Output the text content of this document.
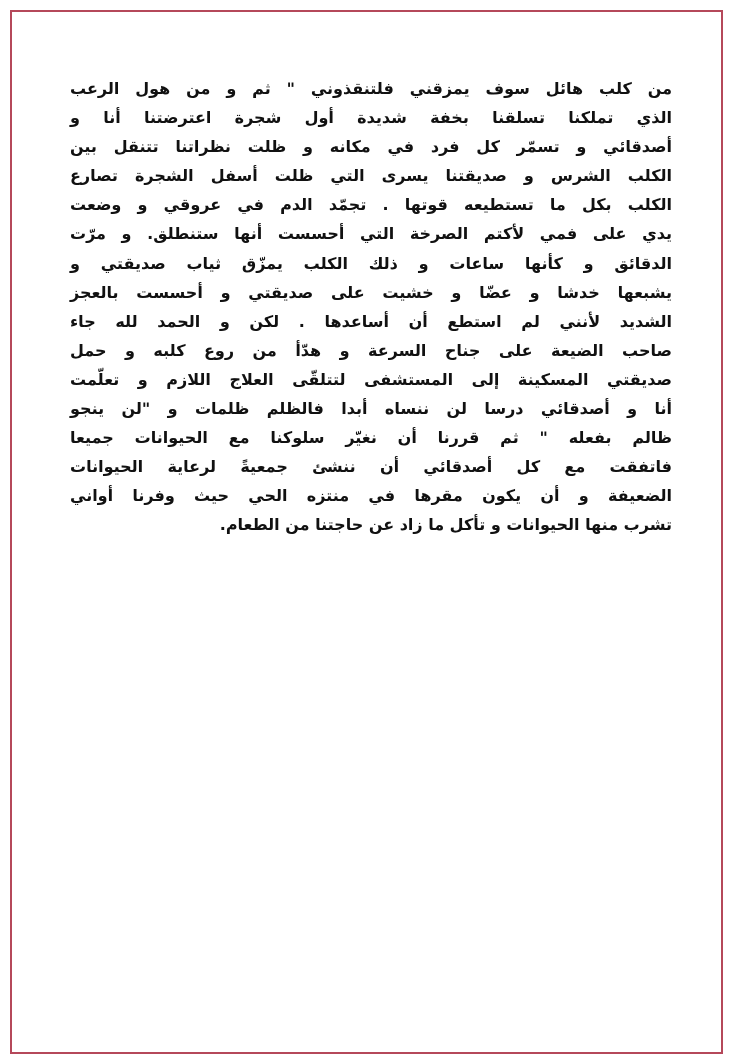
من كلب هائل سوف يمزقني فلتنقذوني " ثم و من هول الرعب
الذي تملكنا تسلقنا بخفة شديدة أول شجرة اعترضتنا أنا و
أصدقائي و تسمّر كل فرد في مكانه و ظلت نظراتنا تتنقل بين
الكلب الشرس و صديقتنا يسرى التي ظلت أسفل الشجرة تصارع
الكلب بكل ما تستطيعه قوتها . تجمّد الدم في عروقي و وضعت
يدي على فمي لأكتم الصرخة التي أحسست أنها ستنطلق. و مرّت
الدقائق و كأنها ساعات و ذلك الكلب يمزّق ثياب صديقتي و
يشبعها خدشا و عضّا و خشيت على صديقتي و أحسست بالعجز
الشديد لأنني لم استطع أن أساعدها . لكن و الحمد لله جاء
صاحب الضيعة على جناح السرعة و هدّأ من روع كلبه و حمل
صديقتي المسكينة إلى المستشفى لتتلقّى العلاج اللازم و تعلّمت
أنا و أصدقائي درسا لن ننساه أبدا فالظلم ظلمات و "لن ينجو
ظالم بفعله " ثم قررنا أن نغيّر سلوكنا مع الحيوانات جميعا
فاتفقت مع كل أصدقائي أن ننشئ جمعيةً لرعاية الحيوانات
الضعيفة و أن يكون مقرها في منتزه الحي حيث وفرنا أواني
تشرب منها الحيوانات و تأكل ما زاد عن حاجتنا من الطعام.
